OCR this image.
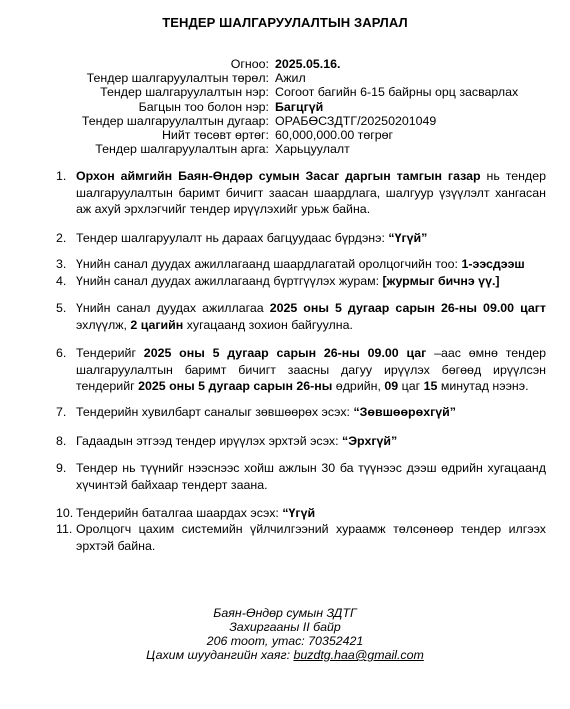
ТЕНДЕР ШАЛГАРУУЛАЛТЫН ЗАРЛАЛ
Огноо: 2025.05.16.
Тендер шалгаруулалтын төрөл: Ажил
Тендер шалгаруулалтын нэр: Согоот багийн 6-15 байрны орц засварлах
Багцын тоо болон нэр: Багцгүй
Тендер шалгаруулалтын дугаар: ОРАБӨСЗДТГ/20250201049
Нийт төсөвт өртөг: 60,000,000.00 төгрөг
Тендер шалгаруулалтын арга: Харьцуулалт
1. Орхон аймгийн Баян-Өндөр сумын Засаг даргын тамгын газар нь тендер шалгаруулалтын баримт бичигт заасан шаардлага, шалгуур үзүүлэлт хангасан аж ахуй эрхлэгчийг тендер ирүүлэхийг урьж байна.
2. Тендер шалгаруулалт нь дараах багцуудаас бүрдэнэ: “Үгүй”
3. Үнийн санал дуудах ажиллагаанд шаардлагатай оролцогчийн тоо: 1-ээсдээш
4. Үнийн санал дуудах ажиллагаанд бүртгүүлэх журам: [журмыг бичнэ үү.]
5. Үнийн санал дуудах ажиллагаа 2025 оны 5 дугаар сарын 26-ны 09.00 цагт эхлүүлж, 2 цагийн хугацаанд зохион байгуулна.
6. Тендерийг 2025 оны 5 дугаар сарын 26-ны 09.00 цаг –аас өмнө тендер шалгаруулалтын баримт бичигт заасны дагуу ирүүлэх бөгөөд ирүүлсэн тендерийг 2025 оны 5 дугаар сарын 26-ны өдрийн, 09 цаг 15 минутад нээнэ.
7. Тендерийн хувилбарт саналыг зөвшөөрөх эсэх: “Зөвшөөрөхгүй”
8. Гадаадын этгээд тендер ирүүлэх эрхтэй эсэх: “Эрхгүй”
9. Тендер нь түүнийг нээснээс хойш ажлын 30 ба түүнээс дээш өдрийн хугацаанд хүчинтэй байхаар тендерт заана.
10. Тендерийн баталгаа шаардах эсэх: “Үгүй
11. Оролцогч цахим системийн үйлчилгээний хураамж төлсөнөөр тендер илгээх эрхтэй байна.
Баян-Өндөр сумын ЗДТГ
Захиргааны II байр
206 тоот, утас: 70352421
Цахим шуудангийн хаяг: buzdtg.haa@gmail.com
